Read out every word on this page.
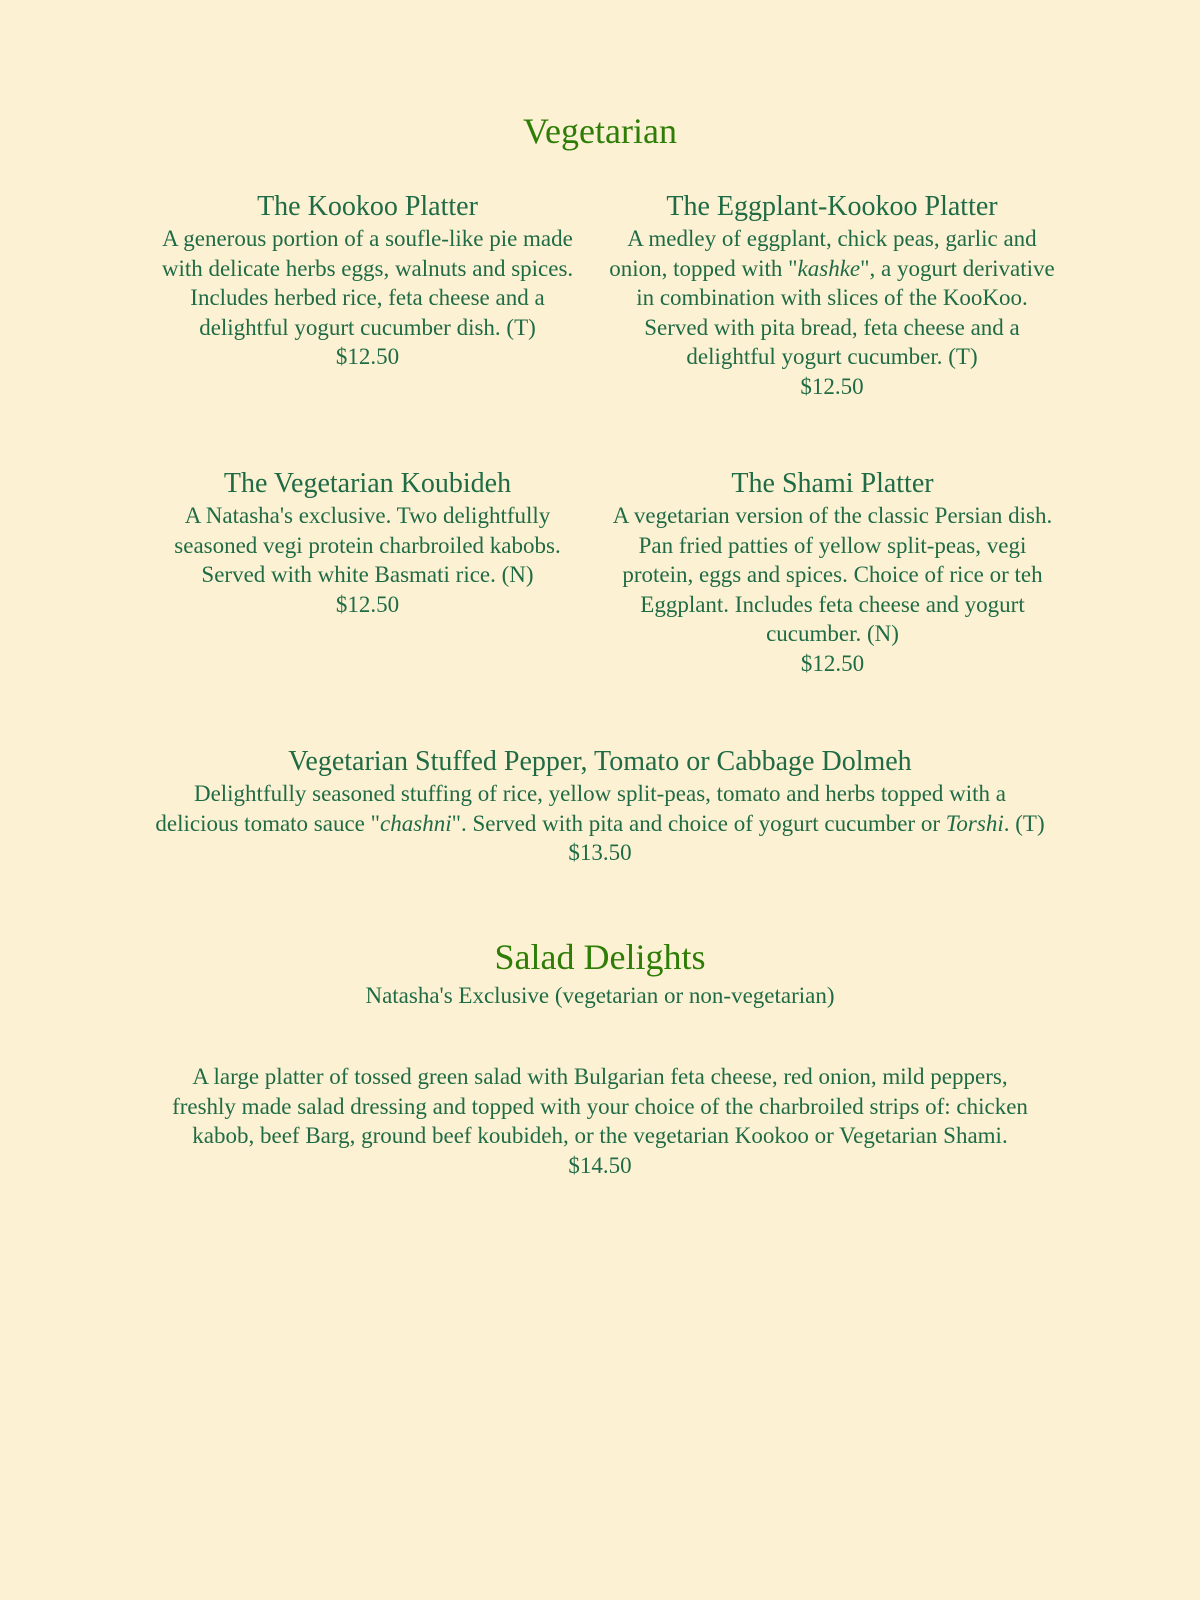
Vegetarian
The Kookoo Platter
A generous portion of a soufle-like pie made with delicate herbs eggs, walnuts and spices. Includes herbed rice, feta cheese and a delightful yogurt cucumber dish. (T)
$12.50
The Eggplant-Kookoo Platter
A medley of eggplant, chick peas, garlic and onion, topped with "kashke", a yogurt derivative in combination with slices of the KooKoo. Served with pita bread, feta cheese and a delightful yogurt cucumber. (T)
$12.50
The Vegetarian Koubideh
A Natasha's exclusive. Two delightfully seasoned vegi protein charbroiled kabobs. Served with white Basmati rice. (N)
$12.50
The Shami Platter
A vegetarian version of the classic Persian dish. Pan fried patties of yellow split-peas, vegi protein, eggs and spices. Choice of rice or teh Eggplant. Includes feta cheese and yogurt cucumber. (N)
$12.50
Vegetarian Stuffed Pepper, Tomato or Cabbage Dolmeh
Delightfully seasoned stuffing of rice, yellow split-peas, tomato and herbs topped with a delicious tomato sauce "chashni". Served with pita and choice of yogurt cucumber or Torshi. (T)
$13.50
Salad Delights
Natasha's Exclusive (vegetarian or non-vegetarian)
A large platter of tossed green salad with Bulgarian feta cheese, red onion, mild peppers, freshly made salad dressing and topped with your choice of the charbroiled strips of: chicken kabob, beef Barg, ground beef koubideh, or the vegetarian Kookoo or Vegetarian Shami.
$14.50
